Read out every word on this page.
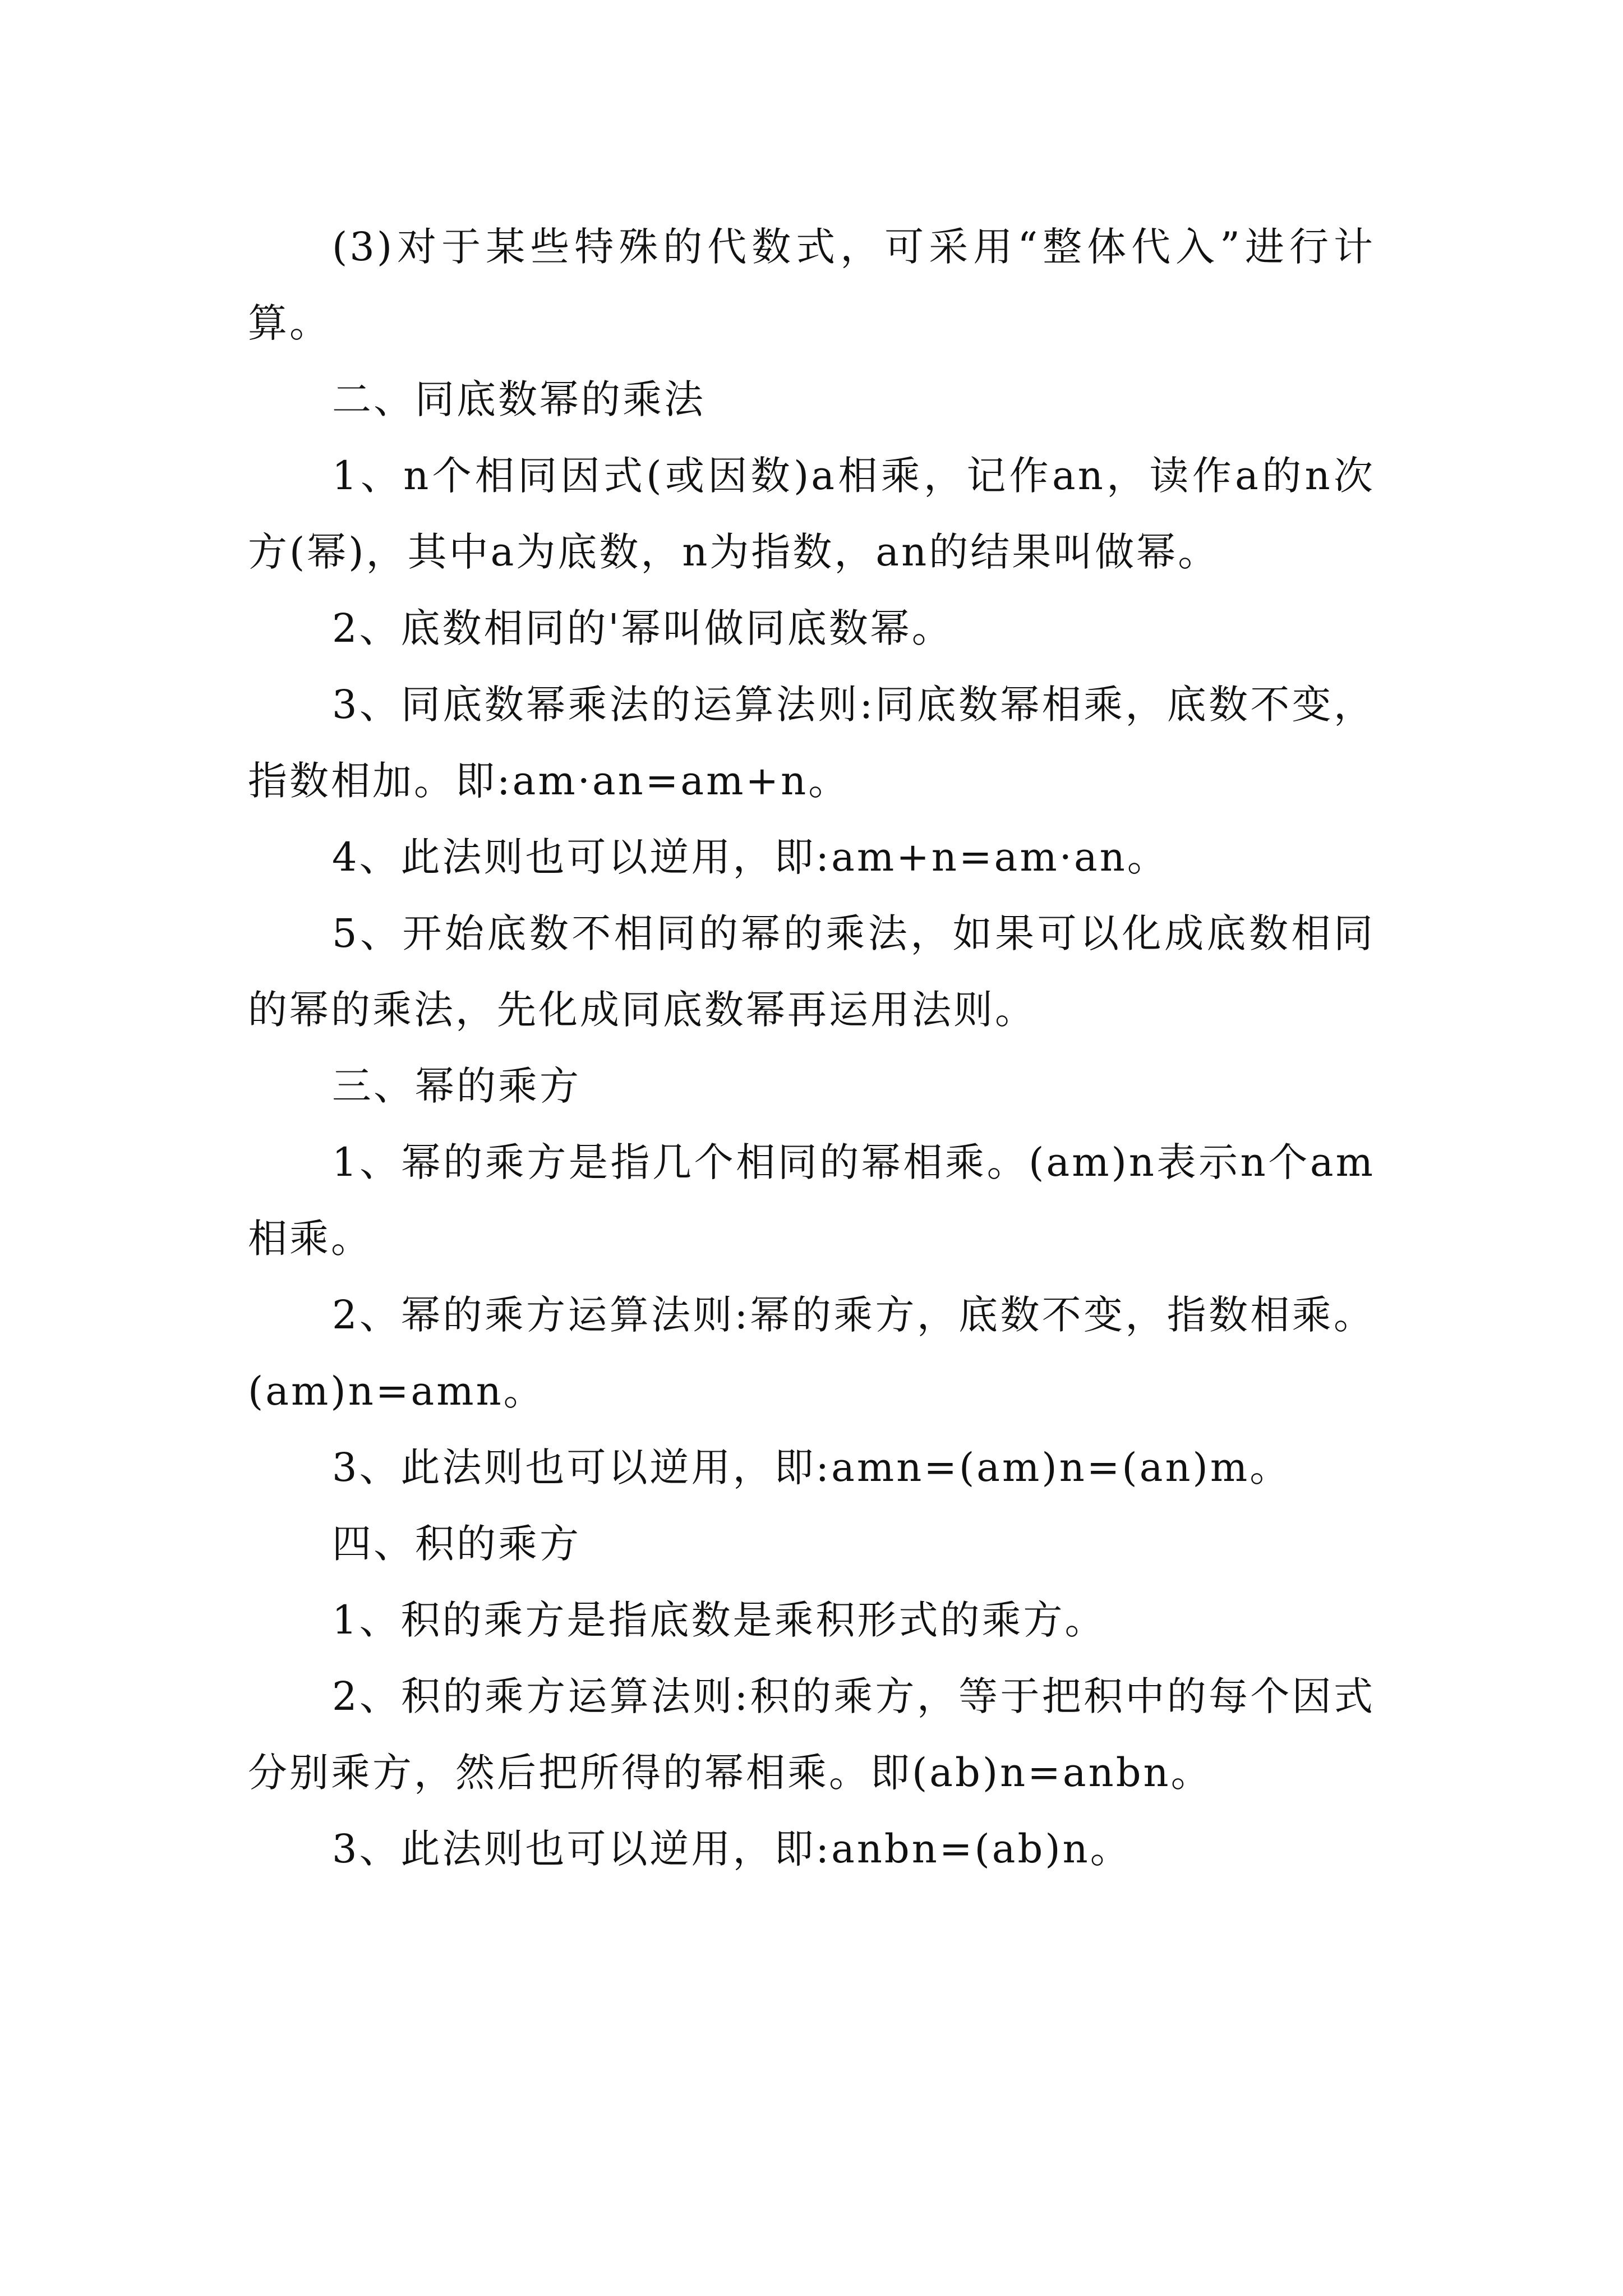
(3)对于某些特殊的代数式，可采用“整体代入”进行计算。

二、同底数幂的乘法

1、n个相同因式(或因数)a相乘，记作an，读作a的n次方(幂)，其中a为底数，n为指数，an的结果叫做幂。

2、底数相同的'幂叫做同底数幂。

3、同底数幂乘法的运算法则:同底数幂相乘，底数不变，指数相加。即:am·an=am+n。

4、此法则也可以逆用，即:am+n=am·an。

5、开始底数不相同的幂的乘法，如果可以化成底数相同的幂的乘法，先化成同底数幂再运用法则。

三、幂的乘方

1、幂的乘方是指几个相同的幂相乘。(am)n表示n个am相乘。

2、幂的乘方运算法则:幂的乘方，底数不变，指数相乘。(am)n=amn。

3、此法则也可以逆用，即:amn=(am)n=(an)m。

四、积的乘方

1、积的乘方是指底数是乘积形式的乘方。

2、积的乘方运算法则:积的乘方，等于把积中的每个因式分别乘方，然后把所得的幂相乘。即(ab)n=anbn。

3、此法则也可以逆用，即:anbn=(ab)n。
